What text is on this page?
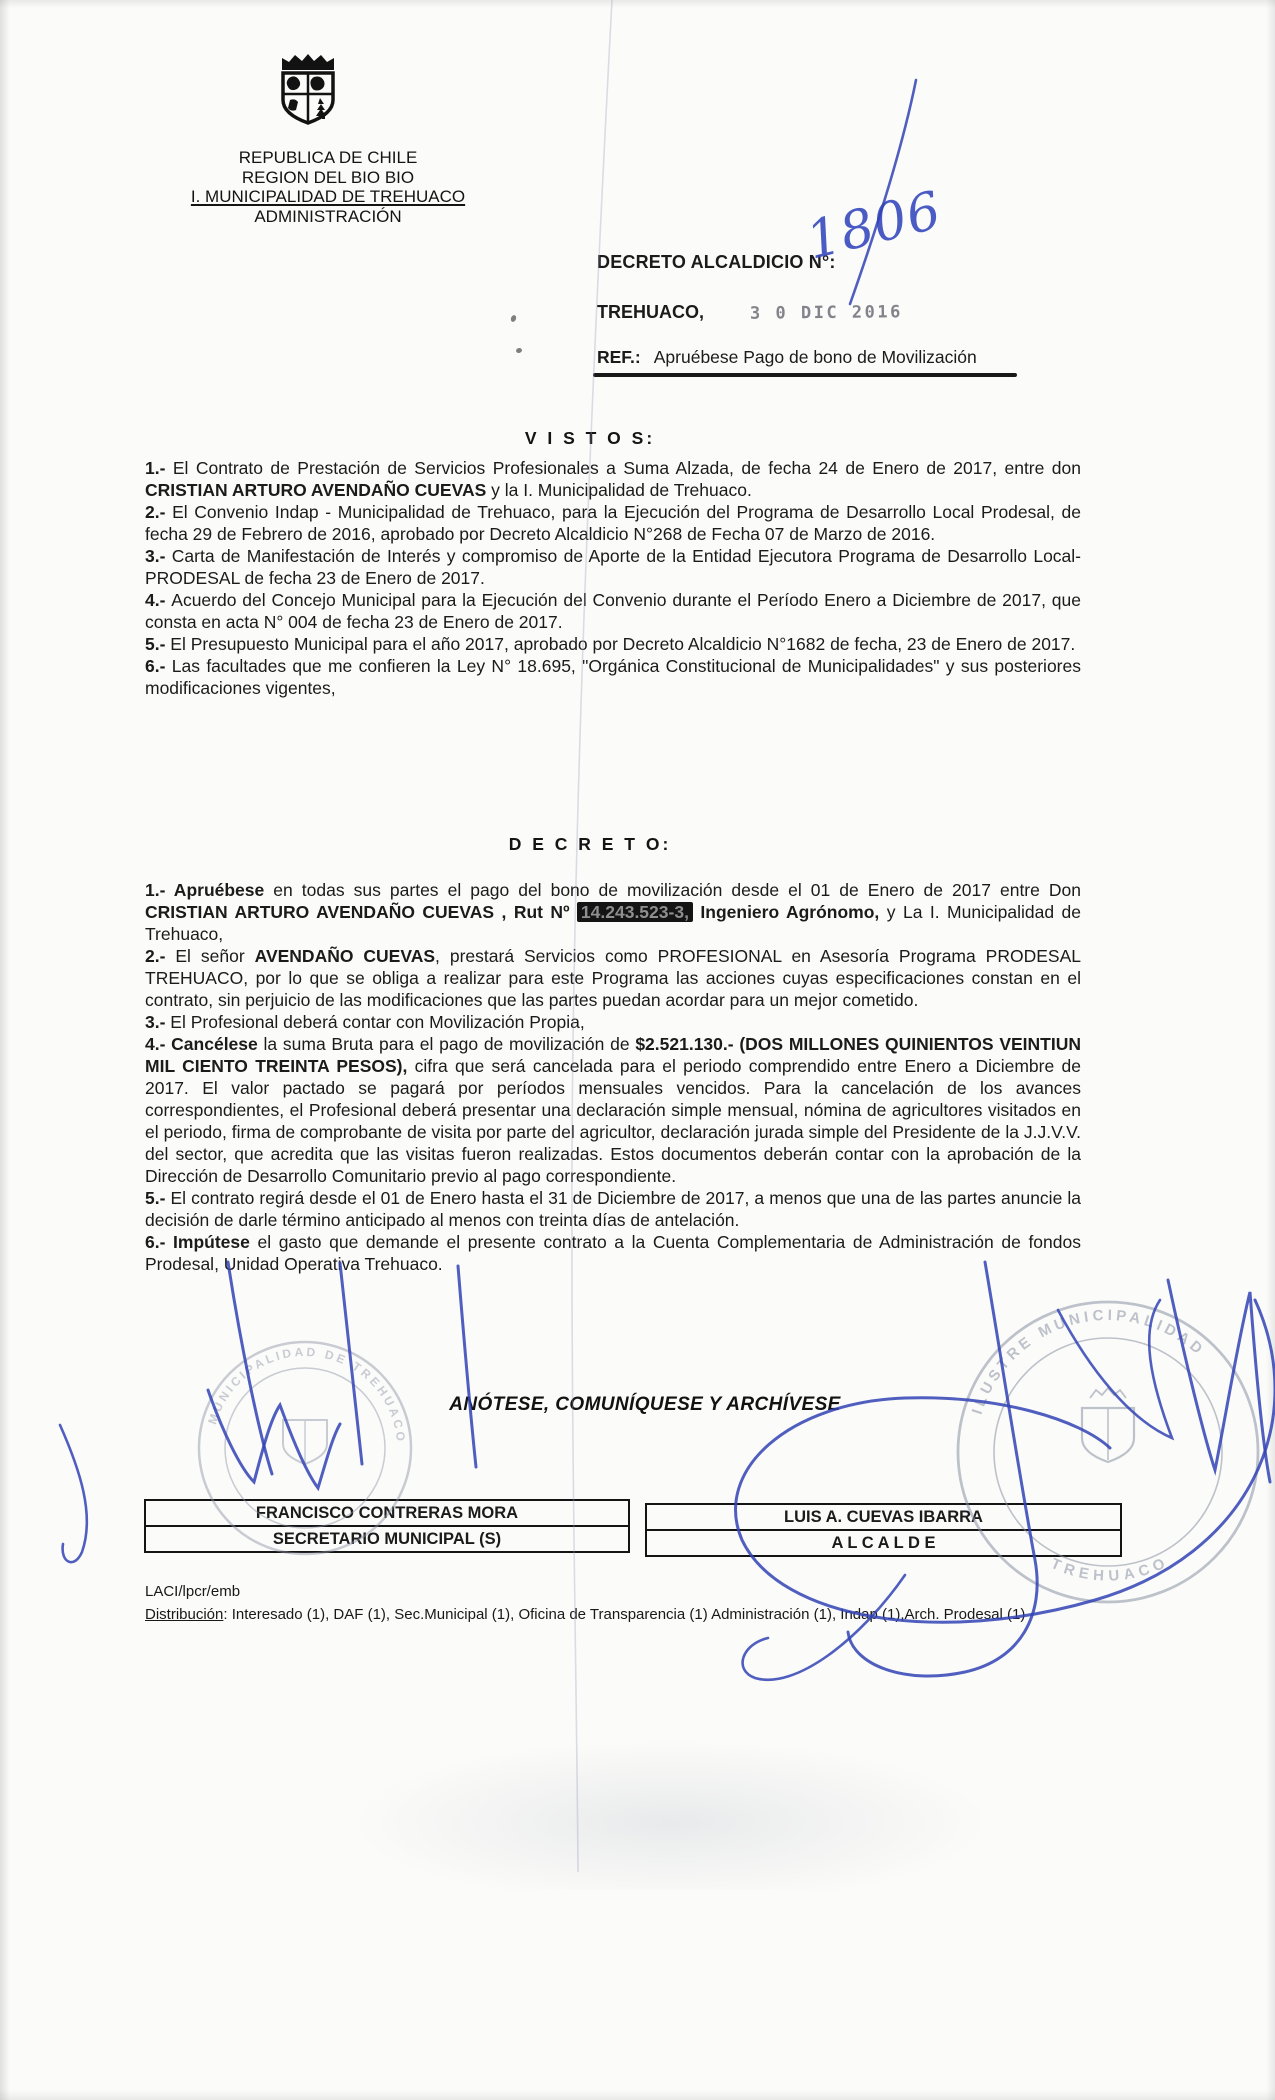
REPUBLICA DE CHILE
REGION DEL BIO BIO
I. MUNICIPALIDAD DE TREHUACO
ADMINISTRACIÓN
DECRETO ALCALDICIO N°:
1806
TREHUACO,	3 0 DIC 2016
REF.: Apruébese Pago de bono de Movilización
V I S T O S:

1.- El Contrato de Prestación de Servicios Profesionales a Suma Alzada, de fecha 24 de Enero de 2017, entre don CRISTIAN ARTURO AVENDAÑO CUEVAS y la I. Municipalidad de Trehuaco.

2.- El Convenio Indap - Municipalidad de Trehuaco, para la Ejecución del Programa de Desarrollo Local Prodesal, de fecha 29 de Febrero de 2016, aprobado por Decreto Alcaldicio N°268 de Fecha 07 de Marzo de 2016.

3.- Carta de Manifestación de Interés y compromiso de Aporte de la Entidad Ejecutora Programa de Desarrollo Local-PRODESAL de fecha 23 de Enero de 2017.

4.- Acuerdo del Concejo Municipal para la Ejecución del Convenio durante el Período Enero a Diciembre de 2017, que consta en acta N° 004 de fecha 23 de Enero de 2017.

5.- El Presupuesto Municipal para el año 2017, aprobado por Decreto Alcaldicio N°1682 de fecha, 23 de Enero de 2017.

6.- Las facultades que me confieren la Ley N° 18.695, "Orgánica Constitucional de Municipalidades" y sus posteriores modificaciones vigentes,

D E C R E T O:

1.- Apruébese en todas sus partes el pago del bono de movilización desde el 01 de Enero de 2017 entre Don CRISTIAN ARTURO AVENDAÑO CUEVAS , Rut Nº 14.243.523-3, Ingeniero Agrónomo, y La I. Municipalidad de Trehuaco,

2.- El señor AVENDAÑO CUEVAS, prestará Servicios como PROFESIONAL en Asesoría Programa PRODESAL TREHUACO, por lo que se obliga a realizar para este Programa las acciones cuyas especificaciones constan en el contrato, sin perjuicio de las modificaciones que las partes puedan acordar para un mejor cometido.

3.- El Profesional deberá contar con Movilización Propia,

4.- Cancélese la suma Bruta para el pago de movilización de $2.521.130.- (DOS MILLONES QUINIENTOS VEINTIUN MIL CIENTO TREINTA PESOS), cifra que será cancelada para el periodo comprendido entre Enero a Diciembre de 2017. El valor pactado se pagará por períodos mensuales vencidos. Para la cancelación de los avances correspondientes, el Profesional deberá presentar una declaración simple mensual, nómina de agricultores visitados en el periodo, firma de comprobante de visita por parte del agricultor, declaración jurada simple del Presidente de la J.J.V.V. del sector, que acredita que las visitas fueron realizadas. Estos documentos deberán contar con la aprobación de la Dirección de Desarrollo Comunitario previo al pago correspondiente.

5.- El contrato regirá desde el 01 de Enero hasta el 31 de Diciembre de 2017, a menos que una de las partes anuncie la decisión de darle término anticipado al menos con treinta días de antelación.

6.- Impútese el gasto que demande el presente contrato a la Cuenta Complementaria de Administración de fondos Prodesal, Unidad Operativa Trehuaco.

ANÓTESE, COMUNÍQUESE Y ARCHÍVESE
FRANCISCO CONTRERAS MORA
SECRETARIO MUNICIPAL (S)
LUIS A. CUEVAS IBARRA
A L C A L D E
LACI/lpcr/emb
Distribución: Interesado (1), DAF (1), Sec.Municipal (1), Oficina de Transparencia (1) Administración (1), Indap (1),Arch. Prodesal (1)
MUNICIPALIDAD DE TREHUACO
ILUSTRE MUNICIPALIDAD
TREHUACO
